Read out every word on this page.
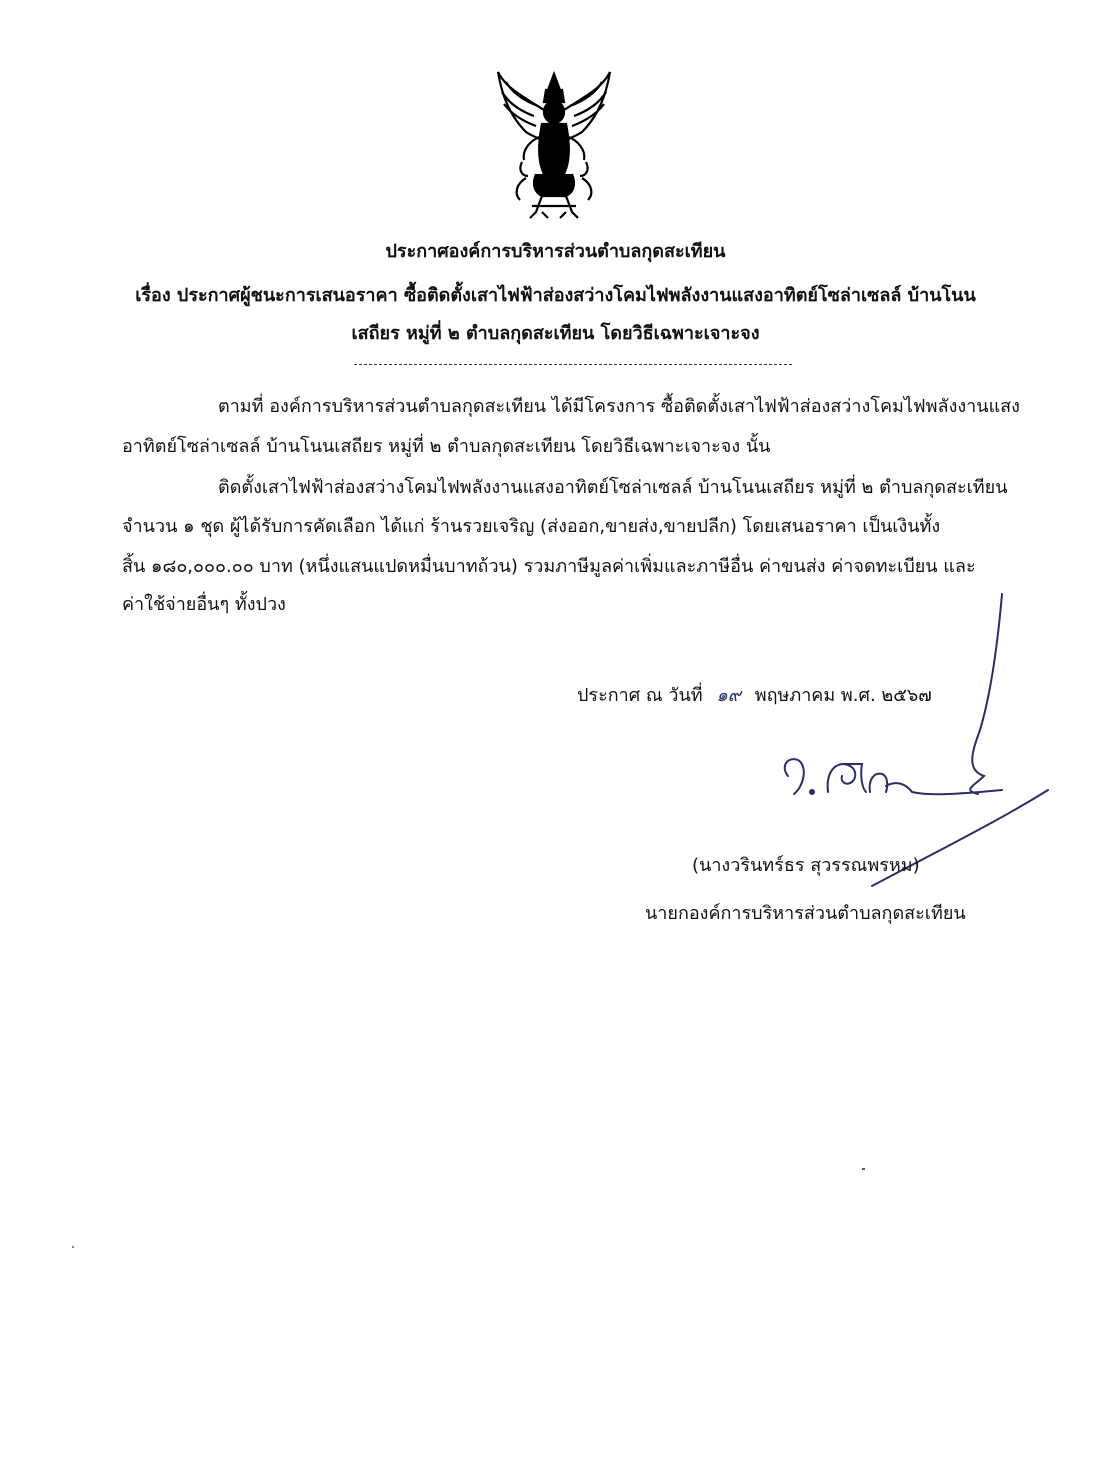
ประกาศองค์การบริหารส่วนตำบลกุดสะเทียน
เรื่อง ประกาศผู้ชนะการเสนอราคา ซื้อติดตั้งเสาไฟฟ้าส่องสว่างโคมไฟพลังงานแสงอาทิตย์โซล่าเซลล์ บ้านโนน
เสถียร หมู่ที่ ๒ ตำบลกุดสะเทียน โดยวิธีเฉพาะเจาะจง
ตามที่ องค์การบริหารส่วนตำบลกุดสะเทียน ได้มีโครงการ ซื้อติดตั้งเสาไฟฟ้าส่องสว่างโคมไฟพลังงานแสง
อาทิตย์โซล่าเซลล์ บ้านโนนเสถียร หมู่ที่ ๒ ตำบลกุดสะเทียน โดยวิธีเฉพาะเจาะจง นั้น
ติดตั้งเสาไฟฟ้าส่องสว่างโคมไฟพลังงานแสงอาทิตย์โซล่าเซลล์ บ้านโนนเสถียร หมู่ที่ ๒ ตำบลกุดสะเทียน
จำนวน ๑ ชุด ผู้ได้รับการคัดเลือก ได้แก่ ร้านรวยเจริญ (ส่งออก,ขายส่ง,ขายปลีก) โดยเสนอราคา เป็นเงินทั้ง
สิ้น ๑๘๐,๐๐๐.๐๐ บาท (หนึ่งแสนแปดหมื่นบาทถ้วน) รวมภาษีมูลค่าเพิ่มและภาษีอื่น ค่าขนส่ง ค่าจดทะเบียน และ
ค่าใช้จ่ายอื่นๆ ทั้งปวง
ประกาศ ณ วันที่ ๑๙ พฤษภาคม พ.ศ. ๒๕๖๗
(นางวรินทร์ธร สุวรรณพรหม)
นายกองค์การบริหารส่วนตำบลกุดสะเทียน
